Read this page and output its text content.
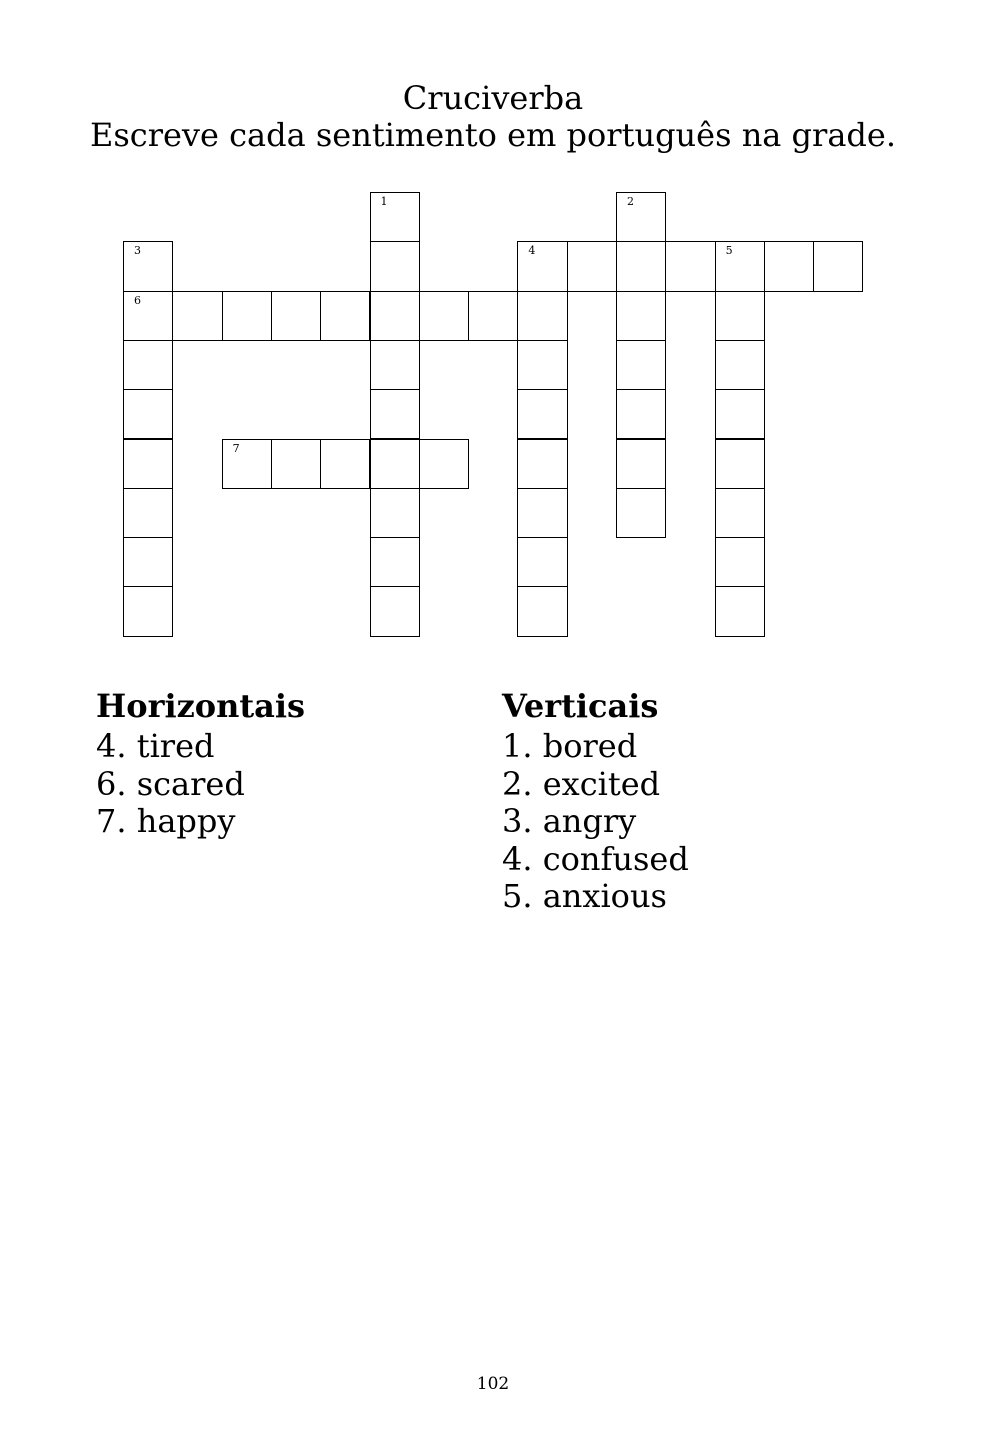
Cruciverba
Escreve cada sentimento em português na grade.
1	2
3
6
4	5
7
Horizontais
4. tired
6. scared
7. happy
Verticais
1. bored
2. excited
3. angry
4. confused
5. anxious
102
